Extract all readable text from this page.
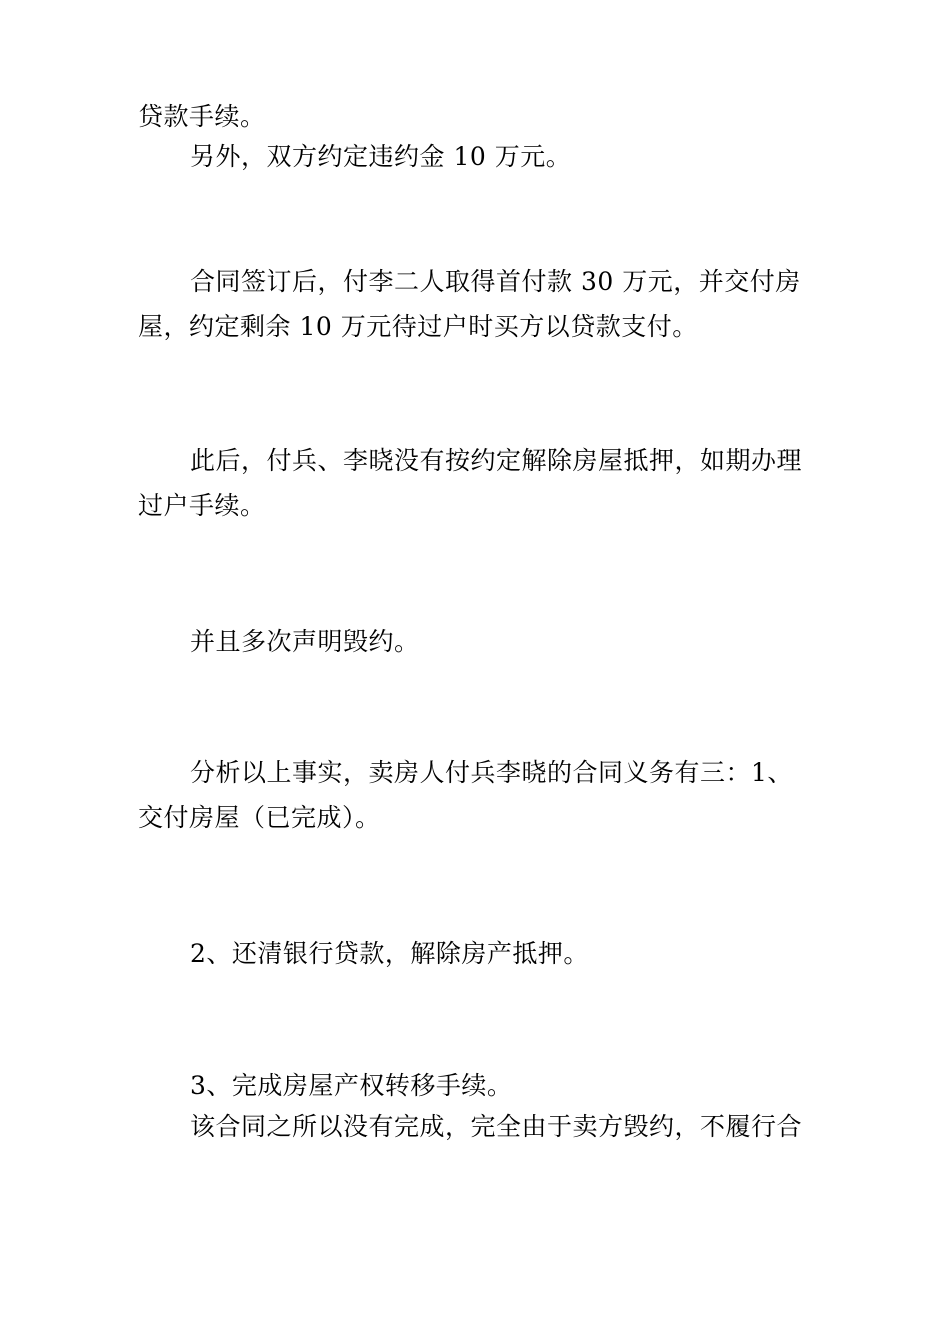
贷款手续。
另外，双方约定违约金 10 万元。
合同签订后，付李二人取得首付款 30 万元，并交付房
屋，约定剩余 10 万元待过户时买方以贷款支付。
此后，付兵、李晓没有按约定解除房屋抵押，如期办理
过户手续。
并且多次声明毁约。
分析以上事实，卖房人付兵李晓的合同义务有三：1、
交付房屋（已完成）。
2、还清银行贷款，解除房产抵押。
3、完成房屋产权转移手续。
该合同之所以没有完成，完全由于卖方毁约，不履行合
